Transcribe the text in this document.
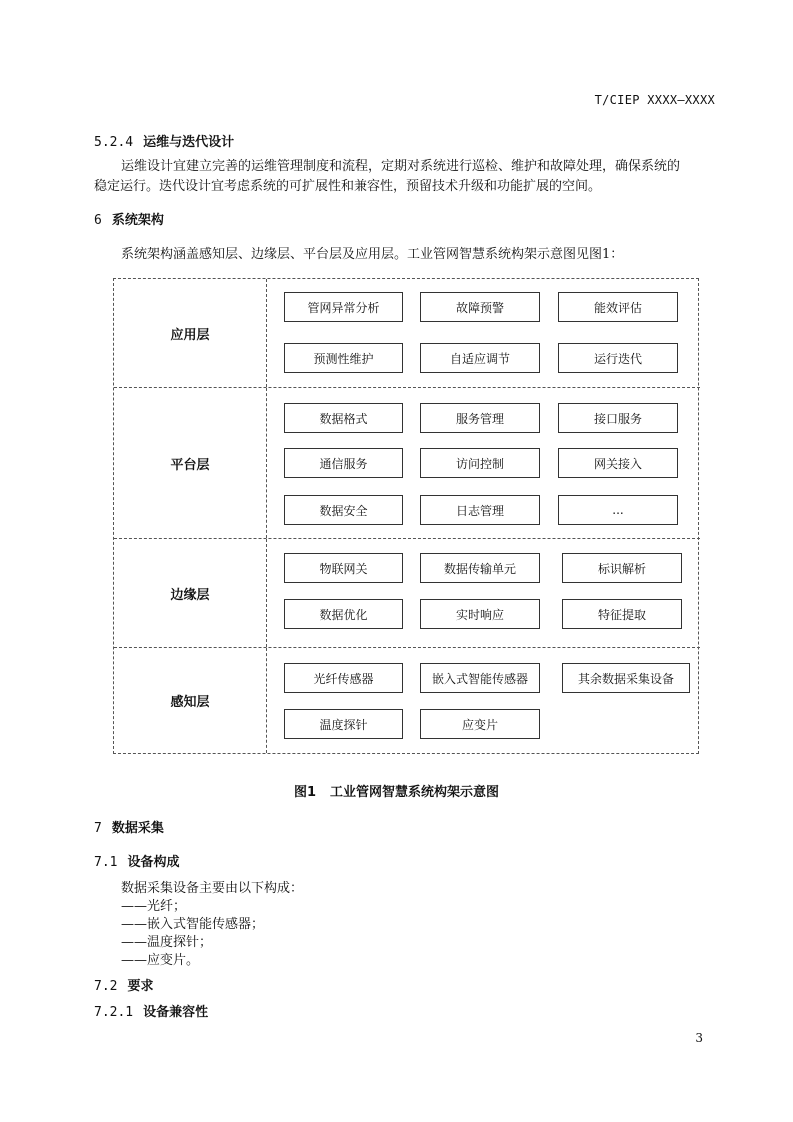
T/CIEP XXXX—XXXX
5.2.4 运维与迭代设计
运维设计宜建立完善的运维管理制度和流程，定期对系统进行巡检、维护和故障处理，确保系统的
稳定运行。迭代设计宜考虑系统的可扩展性和兼容性，预留技术升级和功能扩展的空间。
6 系统架构
系统架构涵盖感知层、边缘层、平台层及应用层。工业管网智慧系统构架示意图见图1：
应用层
管网异常分析	故障预警	能效评估
预测性维护	自适应调节	运行迭代
平台层
数据格式	服务管理	接口服务
通信服务	访问控制	网关接入
数据安全	日志管理	...
边缘层
物联网关	数据传输单元	标识解析
数据优化	实时响应	特征提取
感知层
光纤传感器	嵌入式智能传感器	其余数据采集设备
温度探针	应变片
图1 工业管网智慧系统构架示意图
7 数据采集
7.1 设备构成
数据采集设备主要由以下构成：
——光纤；
——嵌入式智能传感器；
——温度探针；
——应变片。
7.2 要求
7.2.1 设备兼容性
3
